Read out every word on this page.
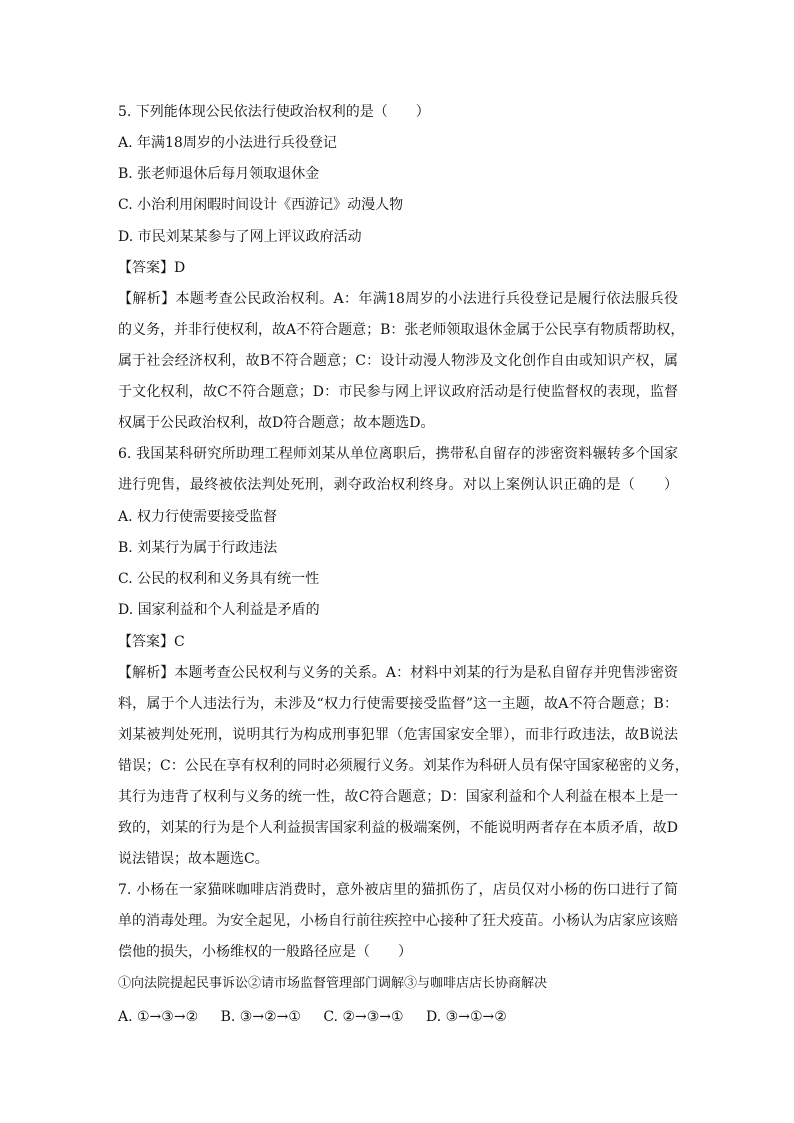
5. 下列能体现公民依法行使政治权利的是（　　）
A. 年满18周岁的小法进行兵役登记
B. 张老师退休后每月领取退休金
C. 小治利用闲暇时间设计《西游记》动漫人物
D. 市民刘某某参与了网上评议政府活动
【答案】D
【解析】本题考查公民政治权利。A：年满18周岁的小法进行兵役登记是履行依法服兵役
的义务，并非行使权利，故A不符合题意；B：张老师领取退休金属于公民享有物质帮助权，
属于社会经济权利，故B不符合题意；C：设计动漫人物涉及文化创作自由或知识产权，属
于文化权利，故C不符合题意；D：市民参与网上评议政府活动是行使监督权的表现，监督
权属于公民政治权利，故D符合题意；故本题选D。
6. 我国某科研究所助理工程师刘某从单位离职后，携带私自留存的涉密资料辗转多个国家
进行兜售，最终被依法判处死刑，剥夺政治权利终身。对以上案例认识正确的是（　　）
A. 权力行使需要接受监督
B. 刘某行为属于行政违法
C. 公民的权利和义务具有统一性
D. 国家利益和个人利益是矛盾的
【答案】C
【解析】本题考查公民权利与义务的关系。A：材料中刘某的行为是私自留存并兜售涉密资
料，属于个人违法行为，未涉及“权力行使需要接受监督”这一主题，故A不符合题意；B：
刘某被判处死刑，说明其行为构成刑事犯罪（危害国家安全罪），而非行政违法，故B说法
错误；C：公民在享有权利的同时必须履行义务。刘某作为科研人员有保守国家秘密的义务，
其行为违背了权利与义务的统一性，故C符合题意；D：国家利益和个人利益在根本上是一
致的，刘某的行为是个人利益损害国家利益的极端案例，不能说明两者存在本质矛盾，故D
说法错误；故本题选C。
7. 小杨在一家猫咪咖啡店消费时，意外被店里的猫抓伤了，店员仅对小杨的伤口进行了简
单的消毒处理。为安全起见，小杨自行前往疾控中心接种了狂犬疫苗。小杨认为店家应该赔
偿他的损失，小杨维权的一般路径应是（　　）
①向法院提起民事诉讼②请市场监督管理部门调解③与咖啡店店长协商解决
A. ①→③→② B. ③→②→① C. ②→③→① D. ③→①→②
